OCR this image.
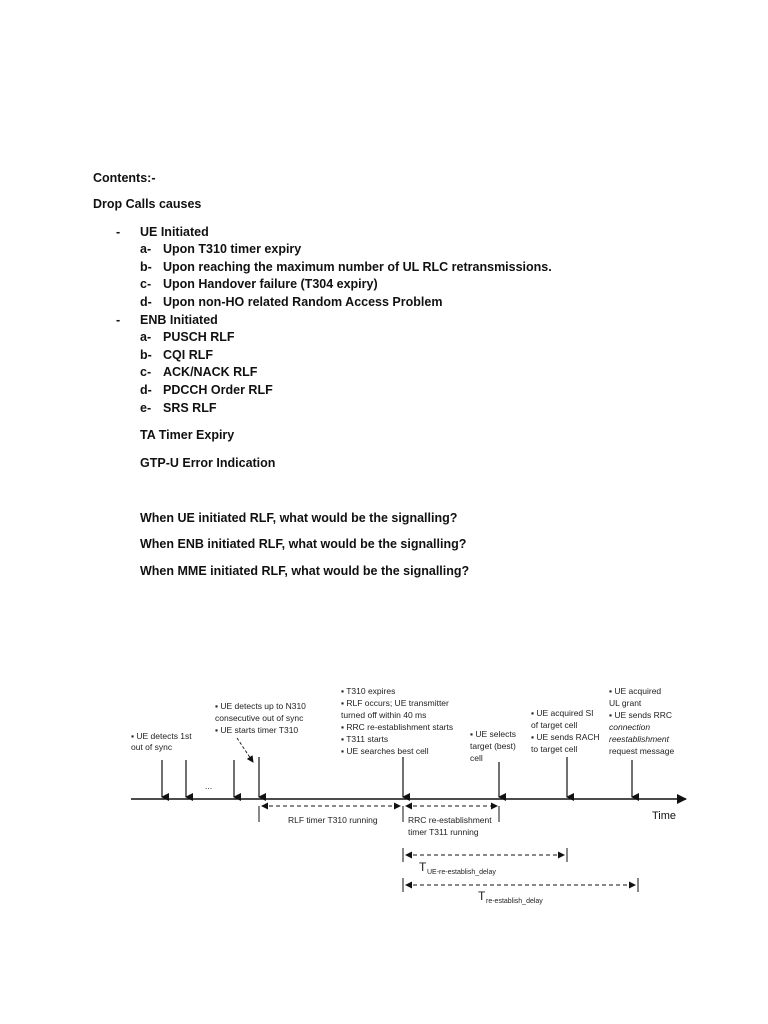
Contents:-
Drop Calls causes
- UE Initiated
a- Upon T310 timer expiry
b- Upon reaching the maximum number of UL RLC retransmissions.
c- Upon Handover failure (T304 expiry)
d- Upon non-HO related Random Access Problem
- ENB Initiated
a- PUSCH RLF
b- CQI RLF
c- ACK/NACK RLF
d- PDCCH Order RLF
e- SRS RLF
TA Timer Expiry
GTP-U Error Indication
When UE initiated RLF, what would be the signalling?
When ENB initiated RLF, what would be the signalling?
When MME initiated RLF, what would be the signalling?
Time
...
▪ UE detects 1st
out of sync
▪ UE detects up to N310
consecutive out of sync
▪ UE starts timer T310
▪ T310 expires
▪ RLF occurs; UE transmitter
turned off within 40 ms
▪ RRC re-establishment starts
▪ T311 starts
▪ UE searches best cell
▪ UE selects
target (best)
cell
▪ UE acquired SI
of target cell
▪ UE sends RACH
to target cell
▪ UE acquired
UL grant
▪ UE sends RRC
connection
reestablishment
request message
RLF timer T310 running	RRC re-establishment
timer T311 running
T UE-re-establish_delay
T re-establish_delay
